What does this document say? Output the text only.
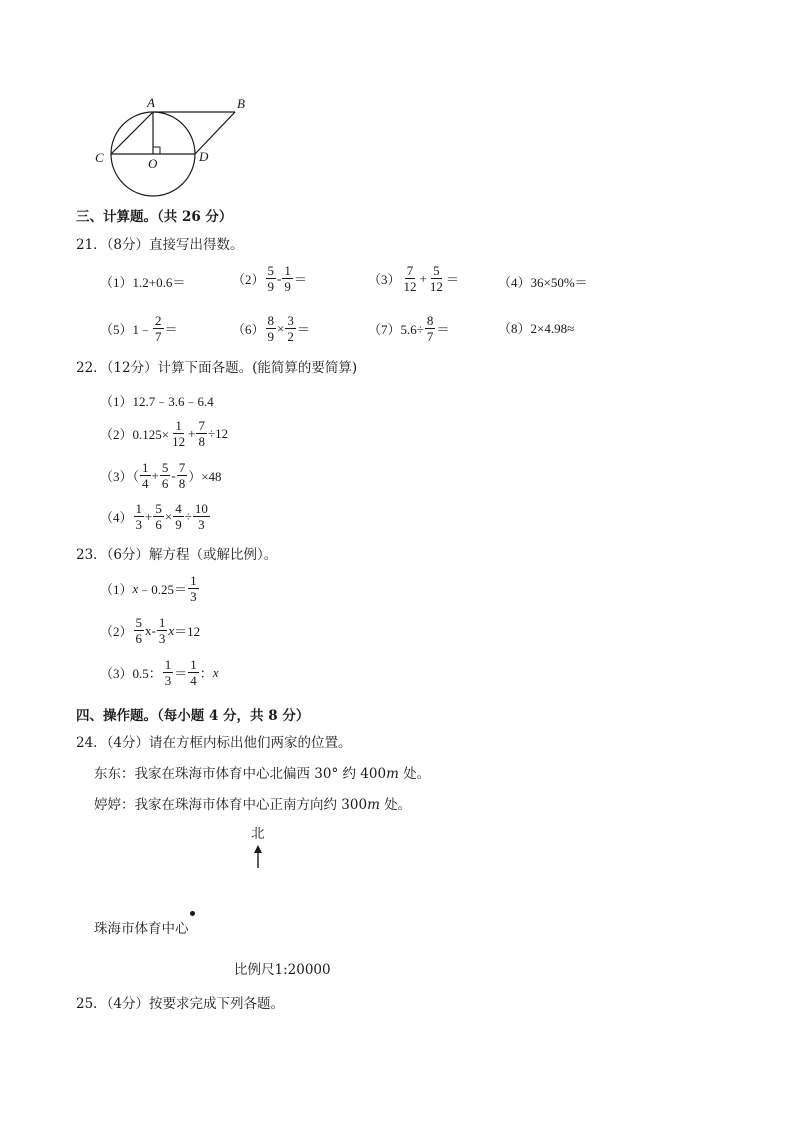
A	B
C	D
O
三、计算题。（共 26 分）
21．（8分）直接写出得数。
（1）1.2+0.6＝	$(2) \frac{5}{9} - \frac{1}{9}$ ＝	$(3) \frac{7}{12} + \frac{5}{12}$ ＝	（4）36×50%＝
（5）1﹣ $\frac{2}{7}$ ＝	$(6) \frac{8}{9} \times \frac{3}{2}$ ＝	$(7)5.6\div \frac{8}{7}$ ＝	（8）2×4.98≈
22．（12分）计算下面各题。(能简算的要简算)
（1）12.7﹣3.6﹣6.4
$(2)0.125\times \frac{1}{12} + \frac{7}{8} \div 12$
$(3)( \frac{1}{4} + \frac{5}{6} - \frac{7}{8} )\times 48$
$(4) \frac{1}{3} + \frac{5}{6} \times \frac{4}{9} \div \frac{10}{3}$
23．（6分）解方程（或解比例）。
（1） x ﹣0.25＝ $\frac{1}{3}$
$(2) \frac{5}{6}$ x - $\frac{1}{3}$ x ＝12
（3）0.5： $\frac{1}{3} = \frac{1}{4}$ ： x
四、操作题。（每小题 4 分，共 8 分）
24．（4分）请在方框内标出他们两家的位置。
东东：我家在珠海市体育中心北偏西 30° 约 400m 处。
婷婷：我家在珠海市体育中心正南方向约 300m 处。
北
珠海市体育中心
比例尺1:20000
25．（4分）按要求完成下列各题。
